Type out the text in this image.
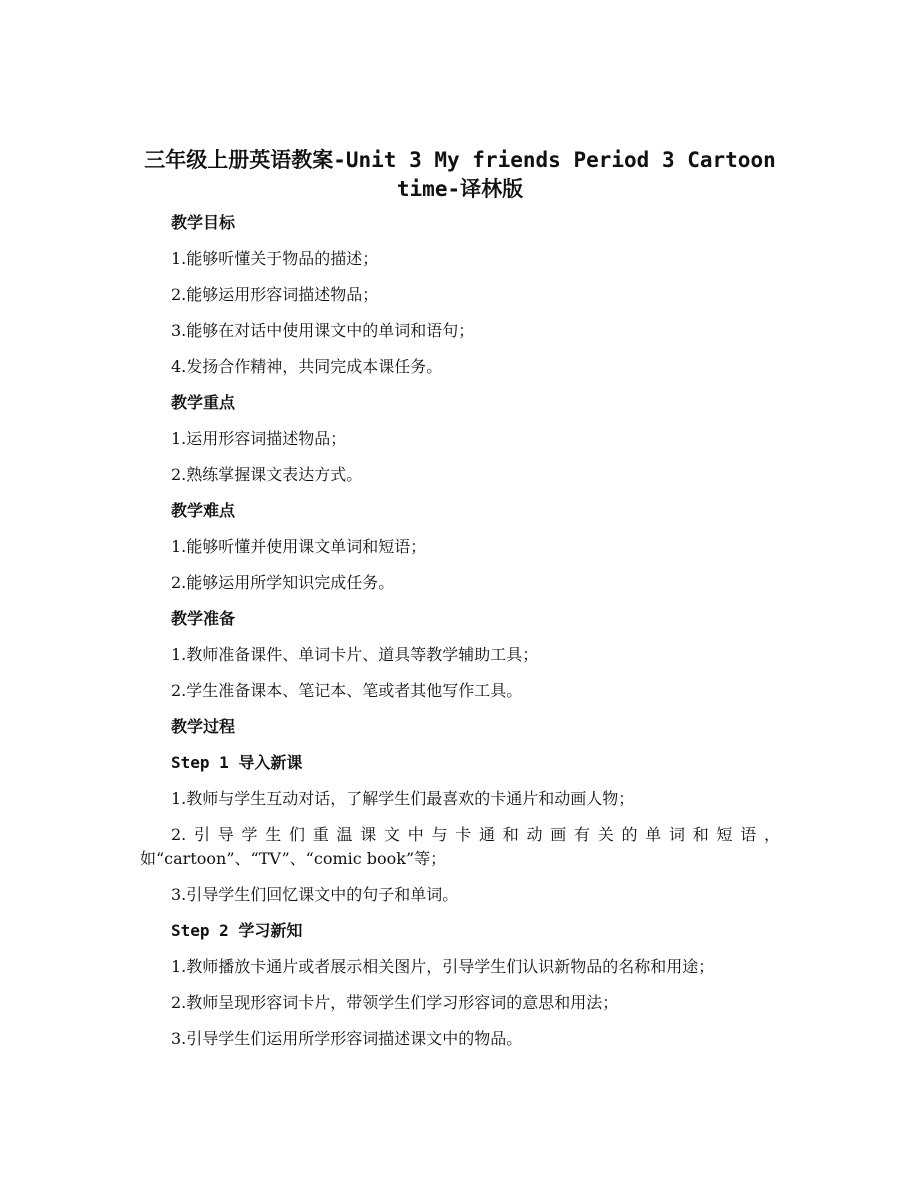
三年级上册英语教案-Unit 3 My friends Period 3 Cartoon
time-译林版
教学目标
1.能够听懂关于物品的描述；
2.能够运用形容词描述物品；
3.能够在对话中使用课文中的单词和语句；
4.发扬合作精神，共同完成本课任务。
教学重点
1.运用形容词描述物品；
2.熟练掌握课文表达方式。
教学难点
1.能够听懂并使用课文单词和短语；
2.能够运用所学知识完成任务。
教学准备
1.教师准备课件、单词卡片、道具等教学辅助工具；
2.学生准备课本、笔记本、笔或者其他写作工具。
教学过程
Step 1 导入新课
1.教师与学生互动对话，了解学生们最喜欢的卡通片和动画人物；
2.引导学生们重温课文中与卡通和动画有关的单词和短语，如“cartoon”、“TV”、“comic book”等；
3.引导学生们回忆课文中的句子和单词。
Step 2 学习新知
1.教师播放卡通片或者展示相关图片，引导学生们认识新物品的名称和用途；
2.教师呈现形容词卡片，带领学生们学习形容词的意思和用法；
3.引导学生们运用所学形容词描述课文中的物品。
